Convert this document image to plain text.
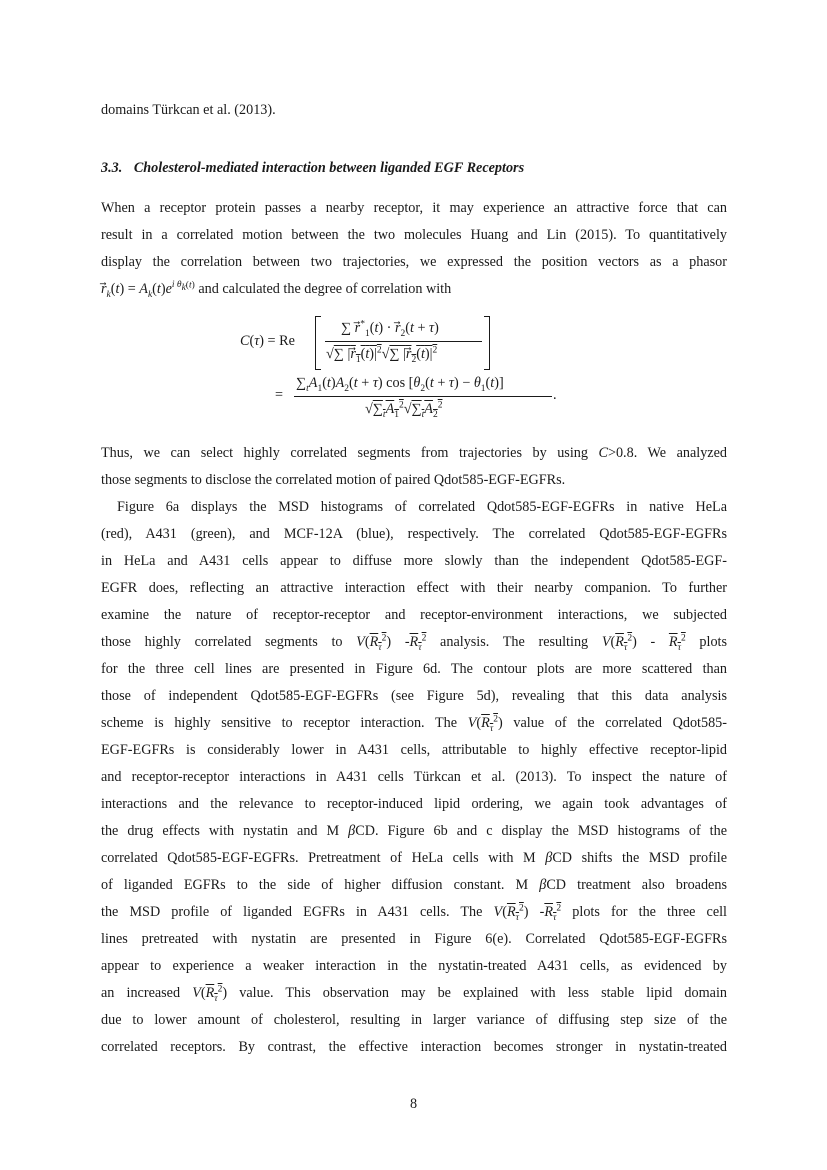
domains Türkcan et al. (2013).
3.3. Cholesterol-mediated interaction between liganded EGF Receptors
When a receptor protein passes a nearby receptor, it may experience an attractive force that can
result in a correlated motion between the two molecules Huang and Lin (2015). To quantitatively
display the correlation between two trajectories, we expressed the position vectors as a phasor
$r_k(t) = A_k(t)e^{i \theta_k(t)}$ and calculated the degree of correlation with
C(τ) = Re
∑ $r^*_1(t) \cdot r_2(t + \tau)$
√∑ $|r_1(t)|^2√\sum$ $|r_2(t)|^2$
=
$\sum_tA_1(t)A_2(t + \tau)$ $\cos [\theta_2(t + \tau) - \theta_1(t)]$
$√\sum_tA_1^2√\sum_tA_2^2$
.
Thus, we can select highly correlated segments from trajectories by using C>0.8. We analyzed
those segments to disclose the correlated motion of paired Qdot585-EGF-EGFRs.
Figure 6a displays the MSD histograms of correlated Qdot585-EGF-EGFRs in native HeLa
(red), A431 (green), and MCF-12A (blue), respectively. The correlated Qdot585-EGF-EGFRs
in HeLa and A431 cells appear to diffuse more slowly than the independent Qdot585-EGF-
EGFR does, reflecting an attractive interaction effect with their nearby companion. To further
examine the nature of receptor-receptor and receptor-environment interactions, we subjected
those highly correlated segments to $V(R_\tau^2)$ $-R_\tau^2$ analysis. The resulting $V(R_\tau^2) - R_\tau^2$ plots
for the three cell lines are presented in Figure 6d. The contour plots are more scattered than
those of independent Qdot585-EGF-EGFRs (see Figure 5d), revealing that this data analysis
scheme is highly sensitive to receptor interaction. The $V(R_\tau^2)$ value of the correlated Qdot585-
EGF-EGFRs is considerably lower in A431 cells, attributable to highly effective receptor-lipid
and receptor-receptor interactions in A431 cells Türkcan et al. (2013). To inspect the nature of
interactions and the relevance to receptor-induced lipid ordering, we again took advantages of
the drug effects with nystatin and M βCD. Figure 6b and c display the MSD histograms of the
correlated Qdot585-EGF-EGFRs. Pretreatment of HeLa cells with M βCD shifts the MSD profile
of liganded EGFRs to the side of higher diffusion constant. M βCD treatment also broadens
the MSD profile of liganded EGFRs in A431 cells. The $V(R_\tau^2)$ $-R_\tau^2$ plots for the three cell
lines pretreated with nystatin are presented in Figure 6(e). Correlated Qdot585-EGF-EGFRs
appear to experience a weaker interaction in the nystatin-treated A431 cells, as evidenced by
an increased $V(R_\tau^2)$ value. This observation may be explained with less stable lipid domain
due to lower amount of cholesterol, resulting in larger variance of diffusing step size of the
correlated receptors. By contrast, the effective interaction becomes stronger in nystatin-treated
8
